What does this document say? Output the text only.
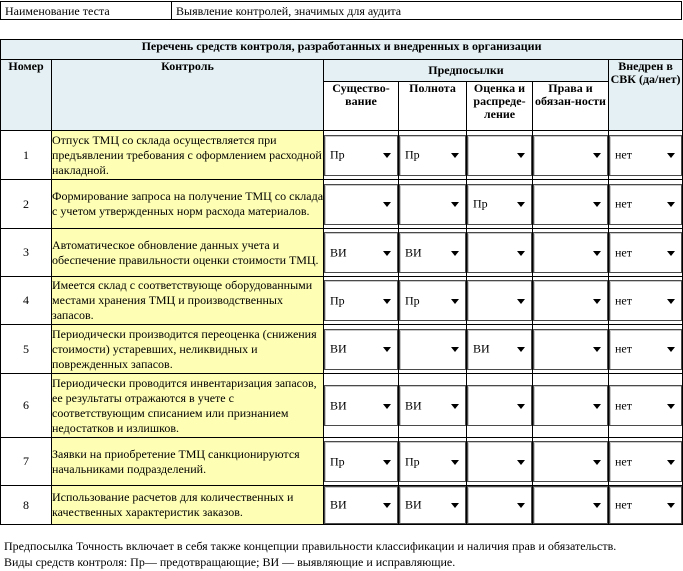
Наименование теста	Выявление контролей, значимых для аудита
Перечень средств контроля, разработанных и внедренных в организации						
Номер	Контроль	Предпосылки				Внедрен в СВК (да/нет)
		Существо-вание	Полнота	Оценка и распреде-ление	Права и обязан-ности	
1	Отпуск ТМЦ со склада осуществляется при предъявлении требования с оформлением расходной накладной.	Пр	Пр			нет

2	Формирование запроса на получение ТМЦ со склада с учетом утвержденных норм расхода материалов.			Пр		нет

3	Автоматическое обновление данных учета и обеспечение правильности оценки стоимости ТМЦ.	ВИ	ВИ			нет

4	Имеется склад с соответствующе оборудованными местами хранения ТМЦ и производственных запасов.	Пр	Пр			нет

5	Периодически производится переоценка (снижения стоимости) устаревших, неликвидных и поврежденных запасов.	ВИ		ВИ		нет

6	Периодически проводится инвентаризация запасов, ее результаты отражаются в учете с соответствующим списанием или признанием недостатков и излишков.	ВИ	ВИ			нет

7	Заявки на приобретение ТМЦ санкционируются начальниками подразделений.	Пр	Пр			нет

8	Использование расчетов для количественных и качественных характеристик заказов.	ВИ	ВИ			нет
Предпосылка Точность включает в себя также концепции правильности классификации и наличия прав и обязательств.
Виды средств контроля: Пр— предотвращающие; ВИ — выявляющие и исправляющие.
